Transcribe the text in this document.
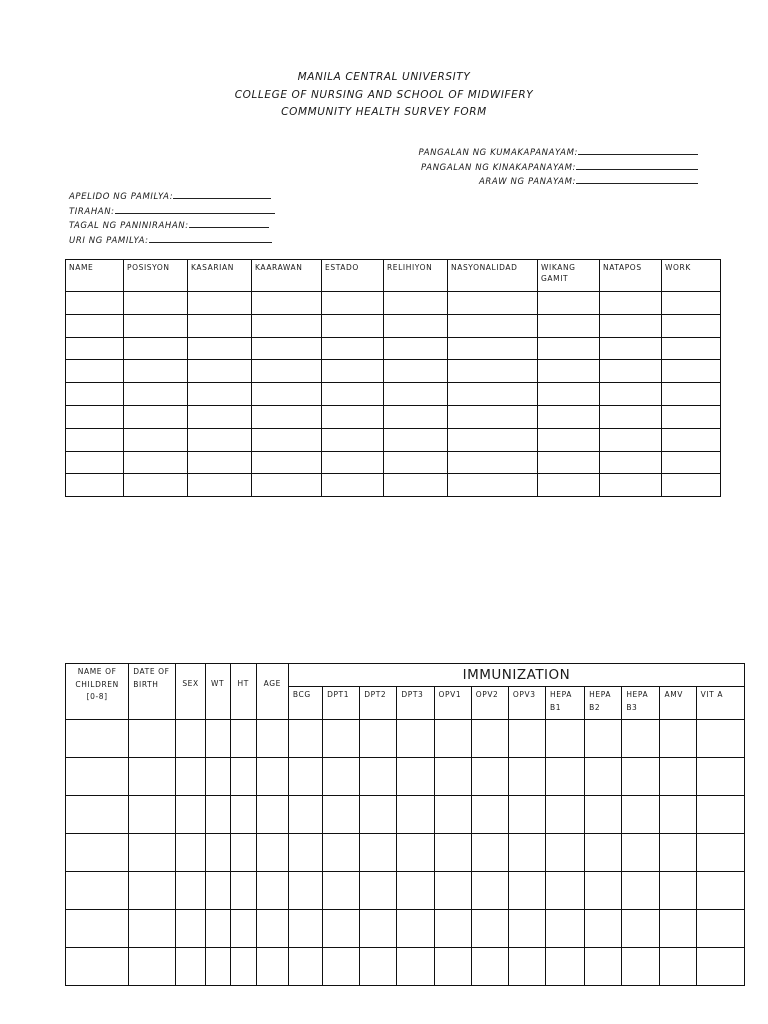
MANILA CENTRAL UNIVERSITY
COLLEGE OF NURSING AND SCHOOL OF MIDWIFERY
COMMUNITY HEALTH SURVEY FORM
PANGALAN NG KUMAKAPANAYAM:
PANGALAN NG KINAKAPANAYAM:
ARAW NG PANAYAM:
APELIDO NG PAMILYA:
TIRAHAN:
TAGAL NG PANINIRAHAN:
URI NG PAMILYA:
NAME	POSISYON	KASARIAN	KAARAWAN	ESTADO	RELIHIYON	NASYONALIDAD	WIKANG GAMIT	NATAPOS	WORK

NAME OF CHILDREN [0-8]	DATE OF BIRTH	SEX	WT	HT	AGE	IMMUNIZATION											
						BCG	DPT1	DPT2	DPT3	OPV1	OPV2	OPV3	HEPA B1	HEPA B2	HEPA B3	AMV	VIT A
